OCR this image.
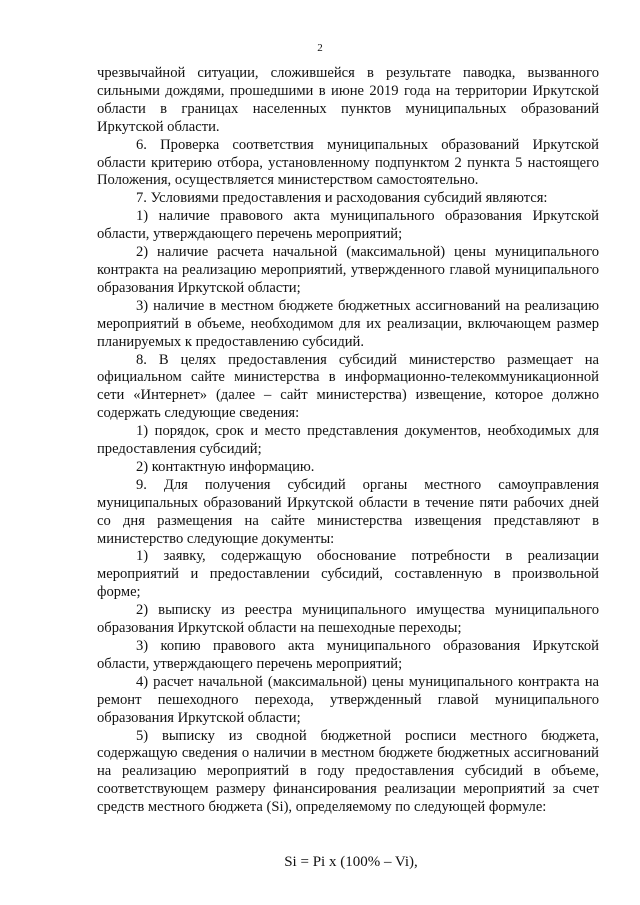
2

чрезвычайной ситуации, сложившейся в результате паводка, вызванного сильными дождями, прошедшими в июне 2019 года на территории Иркутской области в границах населенных пунктов муниципальных образований Иркутской области.

6. Проверка соответствия муниципальных образований Иркутской области критерию отбора, установленному подпунктом 2 пункта 5 настоящего Положения, осуществляется министерством самостоятельно.

7. Условиями предоставления и расходования субсидий являются:

1) наличие правового акта муниципального образования Иркутской области, утверждающего перечень мероприятий;

2) наличие расчета начальной (максимальной) цены муниципального контракта на реализацию мероприятий, утвержденного главой муниципального образования Иркутской области;

3) наличие в местном бюджете бюджетных ассигнований на реализацию мероприятий в объеме, необходимом для их реализации, включающем размер планируемых к предоставлению субсидий.

8. В целях предоставления субсидий министерство размещает на официальном сайте министерства в информационно-телекоммуникационной сети «Интернет» (далее – сайт министерства) извещение, которое должно содержать следующие сведения:

1) порядок, срок и место представления документов, необходимых для предоставления субсидий;

2) контактную информацию.

9. Для получения субсидий органы местного самоуправления муниципальных образований Иркутской области в течение пяти рабочих дней со дня размещения на сайте министерства извещения представляют в министерство следующие документы:

1) заявку, содержащую обоснование потребности в реализации мероприятий и предоставлении субсидий, составленную в произвольной форме;

2) выписку из реестра муниципального имущества муниципального образования Иркутской области на пешеходные переходы;

3) копию правового акта муниципального образования Иркутской области, утверждающего перечень мероприятий;

4) расчет начальной (максимальной) цены муниципального контракта на ремонт пешеходного перехода, утвержденный главой муниципального образования Иркутской области;

5) выписку из сводной бюджетной росписи местного бюджета, содержащую сведения о наличии в местном бюджете бюджетных ассигнований на реализацию мероприятий в году предоставления субсидий в объеме, соответствующем размеру финансирования реализации мероприятий за счет средств местного бюджета (Si), определяемому по следующей формуле:

Si = Pi x (100% – Vi),
